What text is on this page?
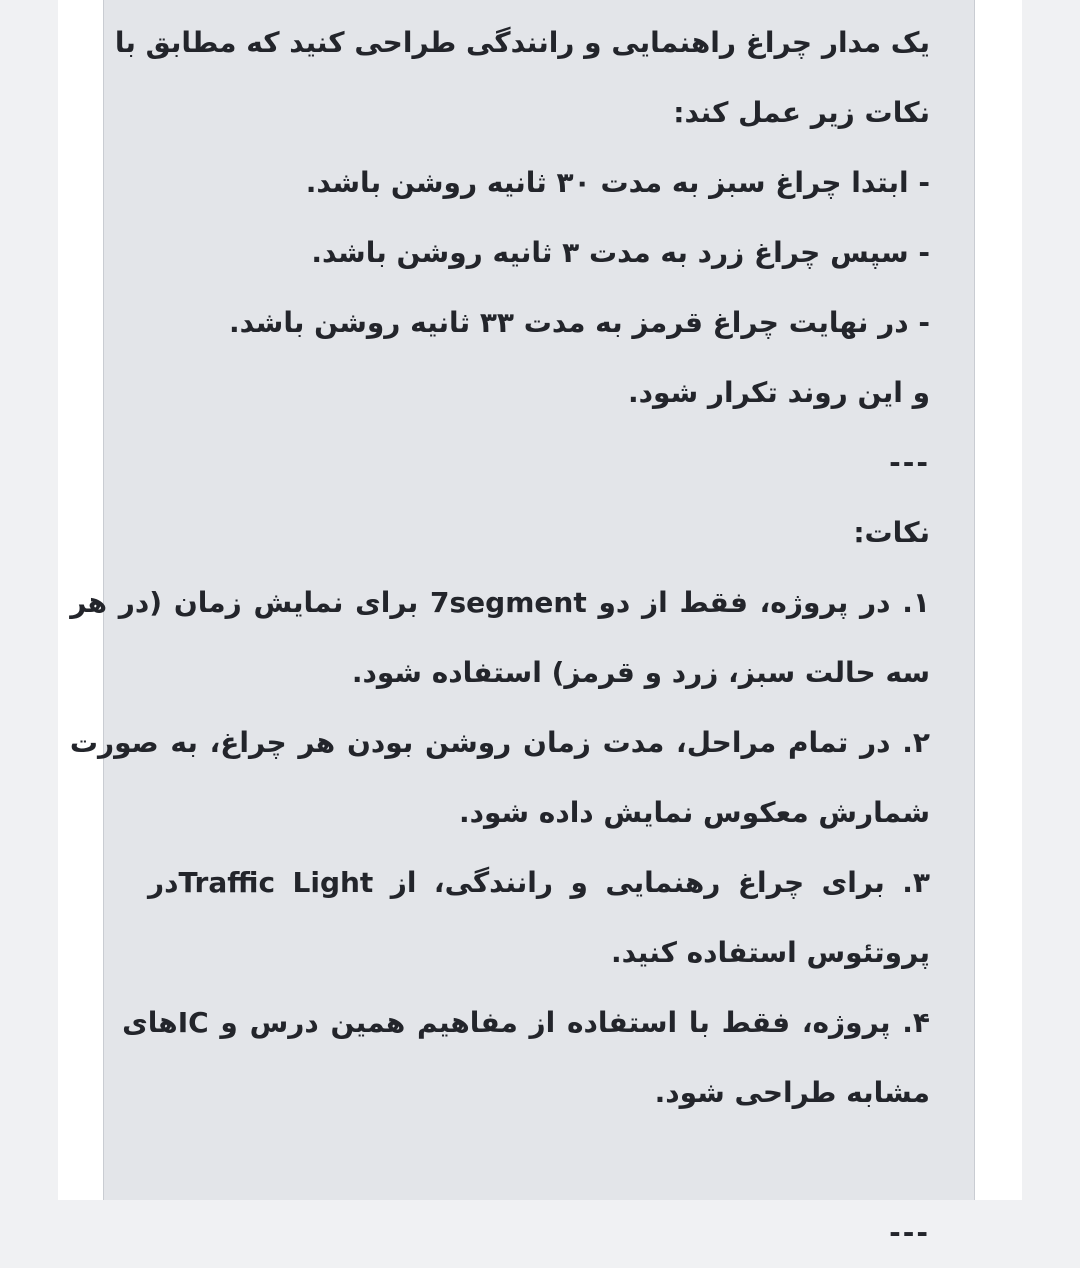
یک مدار چراغ راهنمایی و رانندگی طراحی کنید که مطابق با
نکات زیر عمل کند:
- ابتدا چراغ سبز به مدت ۳۰ ثانیه روشن باشد.
- سپس چراغ زرد به مدت ۳ ثانیه روشن باشد.
- در نهایت چراغ قرمز به مدت ۳۳ ثانیه روشن باشد.
و این روند تکرار شود.
---
نکات:
۱. در پروژه، فقط از دو 7segment برای نمایش زمان (در هر
سه حالت سبز، زرد و قرمز) استفاده شود.
۲. در تمام مراحل، مدت زمان روشن بودن هر چراغ، به صورت
شمارش معکوس نمایش داده شود.
۳. برای چراغ رهنمایی و رانندگی، از Traffic Lightدر
پروتئوس استفاده کنید.
۴. پروژه، فقط با استفاده از مفاهیم همین درس و ICهای
مشابه طراحی شود.
---
